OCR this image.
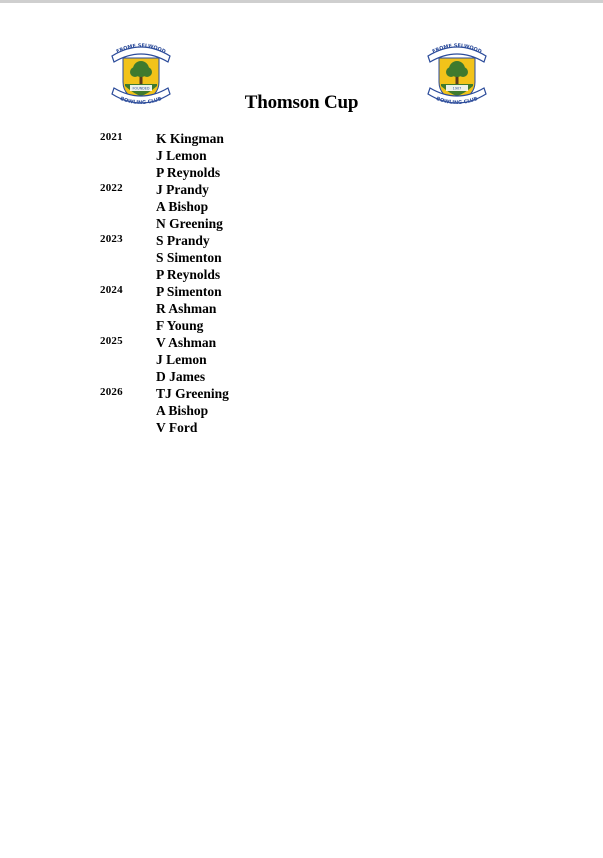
FROME SELWOOD
FOUNDED
BOWLING CLUB
FROME SELWOOD
1907
BOWLING CLUB
Thomson Cup
2021 K Kingman
J Lemon
P Reynolds
2022 J Prandy
A Bishop
N Greening
2023 S Prandy
S Simenton
P Reynolds
2024 P Simenton
R Ashman
F Young
2025 V Ashman
J Lemon
D James
2026 TJ Greening
A Bishop
V Ford
